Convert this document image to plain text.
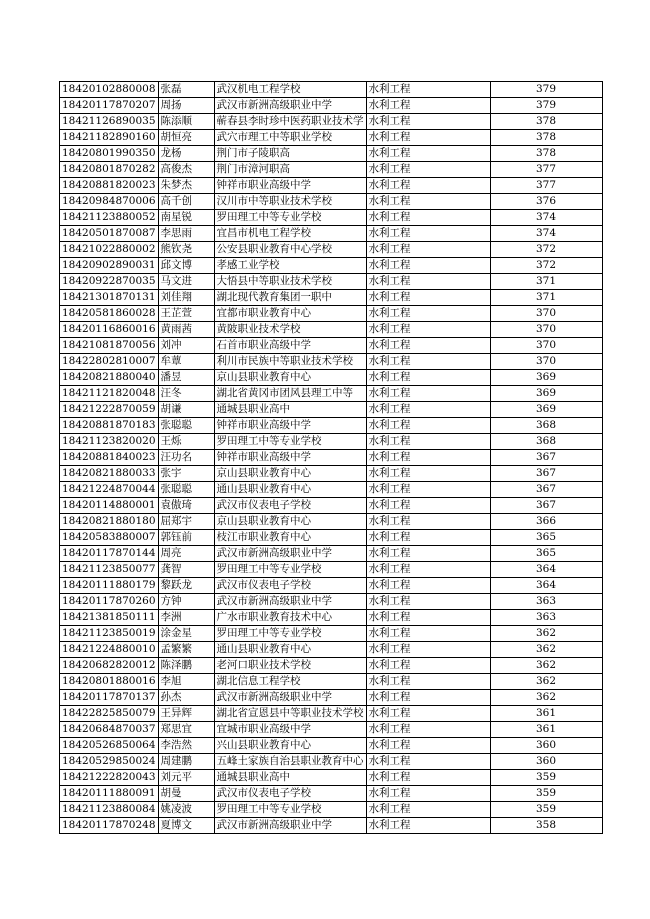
18420102880008	张磊	武汉机电工程学校	水利工程	379
18420117870207	周扬	武汉市新洲高级职业中学	水利工程	379
18421126890035	陈添顺	蕲春县李时珍中医药职业技术学	水利工程	378
18421182890160	胡恒亮	武穴市理工中等职业学校	水利工程	378
18420801990350	龙杨	荆门市子陵职高	水利工程	378
18420801870282	高俊杰	荆门市漳河职高	水利工程	377
18420881820023	朱梦杰	钟祥市职业高级中学	水利工程	377
18420984870006	高千创	汉川市中等职业技术学校	水利工程	376
18421123880052	南星锐	罗田理工中等专业学校	水利工程	374
18420501870087	李思雨	宜昌市机电工程学校	水利工程	374
18421022880002	熊钦尧	公安县职业教育中心学校	水利工程	372
18420902890031	邱文博	孝感工业学校	水利工程	372
18420922870035	马文进	大悟县中等职业技术学校	水利工程	371
18421301870131	刘佳翔	湖北现代教育集团一职中	水利工程	371
18420581860028	王芷萱	宜都市职业教育中心	水利工程	370
18420116860016	黄雨茜	黄陂职业技术学校	水利工程	370
18421081870056	刘冲	石首市职业高级中学	水利工程	370
18422802810007	牟蕈	利川市民族中等职业技术学校	水利工程	370
18420821880040	潘昱	京山县职业教育中心	水利工程	369
18421121820048	汪冬	湖北省黄冈市团风县理工中等	水利工程	369
18421222870059	胡谦	通城县职业高中	水利工程	369
18420881870183	张聪聪	钟祥市职业高级中学	水利工程	368
18421123820020	王烁	罗田理工中等专业学校	水利工程	368
18420881840023	汪功名	钟祥市职业高级中学	水利工程	367
18420821880033	张宇	京山县职业教育中心	水利工程	367
18421224870044	张聪聪	通山县职业教育中心	水利工程	367
18420114880001	袁傲琦	武汉市仪表电子学校	水利工程	367
18420821880180	屈郑宇	京山县职业教育中心	水利工程	366
18420583880007	郭钰前	枝江市职业教育中心	水利工程	365
18420117870144	周亮	武汉市新洲高级职业中学	水利工程	365
18421123850077	龚智	罗田理工中等专业学校	水利工程	364
18420111880179	黎跃龙	武汉市仪表电子学校	水利工程	364
18420117870260	方钟	武汉市新洲高级职业中学	水利工程	363
18421381850111	李洲	广水市职业教育技术中心	水利工程	363
18421123850019	涂金星	罗田理工中等专业学校	水利工程	362
18421224880010	孟繁繁	通山县职业教育中心	水利工程	362
18420682820012	陈泽鹏	老河口职业技术学校	水利工程	362
18420801880016	李旭	湖北信息工程学校	水利工程	362
18420117870137	孙杰	武汉市新洲高级职业中学	水利工程	362
18422825850079	王异辉	湖北省宣恩县中等职业技术学校	水利工程	361
18420684870037	郑思宜	宜城市职业高级中学	水利工程	361
18420526850064	李浩然	兴山县职业教育中心	水利工程	360
18420529850024	周建鹏	五峰土家族自治县职业教育中心	水利工程	360
18421222820043	刘元平	通城县职业高中	水利工程	359
18420111880091	胡曼	武汉市仪表电子学校	水利工程	359
18421123880084	姚凌波	罗田理工中等专业学校	水利工程	359
18420117870248	夏博文	武汉市新洲高级职业中学	水利工程	358
